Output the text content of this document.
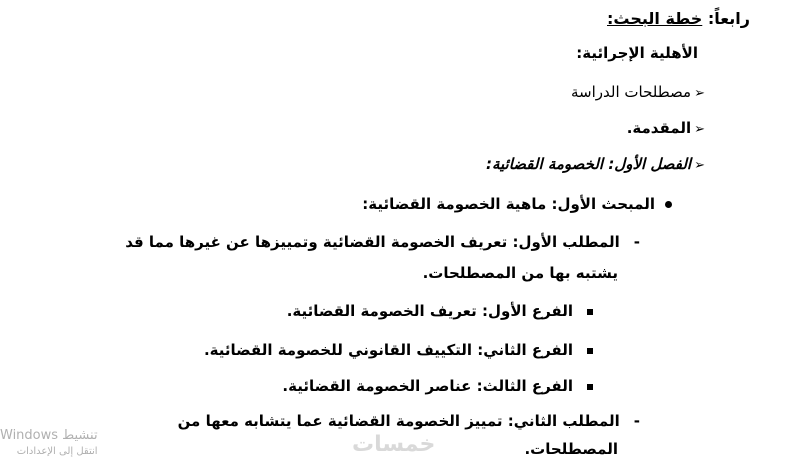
رابعاً: خطة البحث:
الأهلية الإجرائية:
➢مصطلحات الدراسة
➢المقدمة.
➢الفصل الأول: الخصومة القضائية:
المبحث الأول: ماهية الخصومة القضائية:
-المطلب الأول: تعريف الخصومة القضائية وتمييزها عن غيرها مما قد
يشتبه بها من المصطلحات.
الفرع الأول: تعريف الخصومة القضائية.
الفرع الثاني: التكييف القانوني للخصومة القضائية.
الفرع الثالث: عناصر الخصومة القضائية.
-المطلب الثاني: تمييز الخصومة القضائية عما يتشابه معها من
المصطلحات.
تنشيط Windows
انتقل إلى الإعدادات	خمسات
